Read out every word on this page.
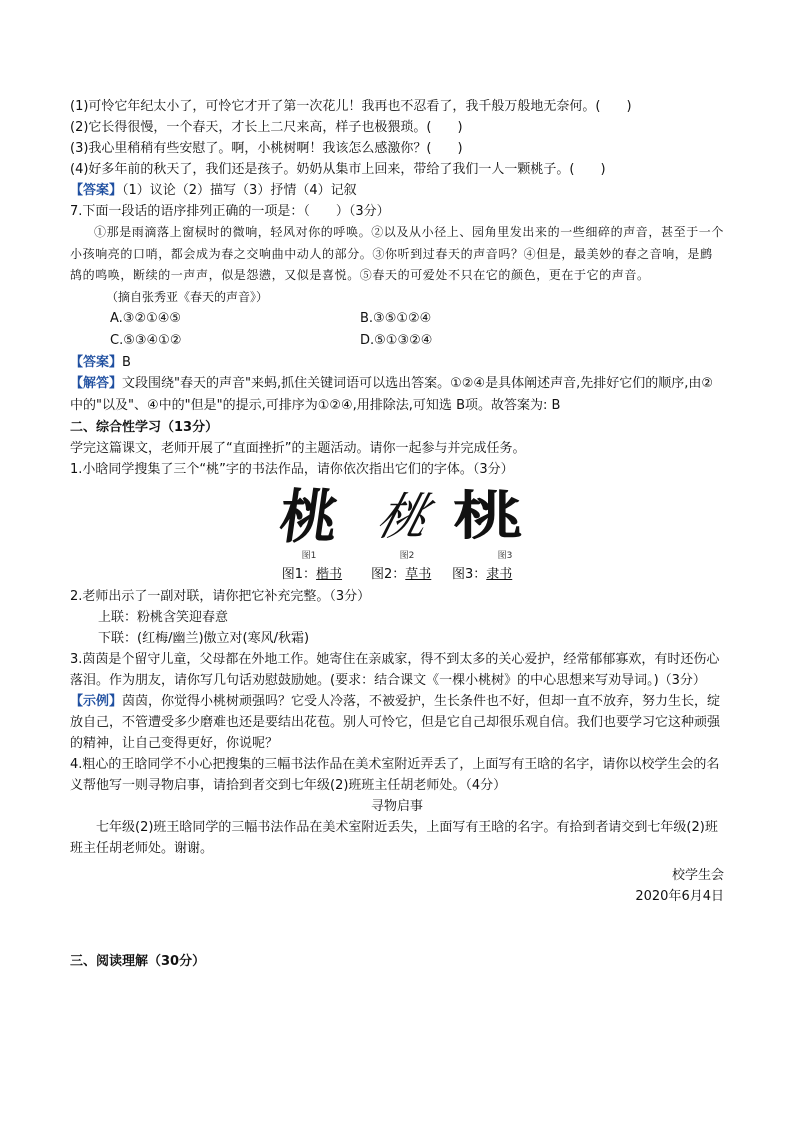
(1)可怜它年纪太小了，可怜它才开了第一次花儿！我再也不忍看了，我千般万般地无奈何。(　　)

(2)它长得很慢，一个春天，才长上二尺来高，样子也极猥琐。(　　)

(3)我心里稍稍有些安慰了。啊，小桃树啊！我该怎么感激你？(　　)

(4)好多年前的秋天了，我们还是孩子。奶奶从集市上回来，带给了我们一人一颗桃子。(　　)

【答案】（1）议论（2）描写（3）抒情（4）记叙

7.下面一段话的语序排列正确的一项是：（　　）（3分）

①那是雨滴落上窗棂时的微响，轻风对你的呼唤。②以及从小径上、园角里发出来的一些细碎的声音，甚至于一个小孩响亮的口哨，都会成为春之交响曲中动人的部分。③你听到过春天的声音吗？④但是，最美妙的春之音响，是鹧鸪的鸣唤，断续的一声声，似是怨懑，又似是喜悦。⑤春天的可爱处不只在它的颜色，更在于它的声音。

（摘自张秀亚《春天的声音》）

A.③②①④⑤	B.③⑤①②④
C.⑤③④①②	D.⑤①③②④

【答案】B

【解答】文段围绕"春天的声音"来蚂,抓住关键词语可以选出答案。①②④是具体阐述声音,先排好它们的顺序,由②中的"以及"、④中的"但是"的提示,可排序为①②④,用排除法,可知选 B项。故答案为: B

二、综合性学习（13分）

学完这篇课文，老师开展了“直面挫折”的主题活动。请你一起参与并完成任务。

1.小晗同学搜集了三个“桃”字的书法作品，请你依次指出它们的字体。（3分）

桃 桃 桃
图1	图2	图3
图1：楷书 图2：草书 图3：隶书

2.老师出示了一副对联，请你把它补充完整。（3分）

上联：粉桃含笑迎春意

下联：(红梅/幽兰)傲立对(寒风/秋霜)

3.茵茵是个留守儿童，父母都在外地工作。她寄住在亲戚家，得不到太多的关心爱护，经常郁郁寡欢，有时还伤心落泪。作为朋友，请你写几句话劝慰鼓励她。(要求：结合课文《一棵小桃树》的中心思想来写劝导词。)（3分）

【示例】茵茵，你觉得小桃树顽强吗？它受人冷落，不被爱护，生长条件也不好，但却一直不放弃，努力生长，绽放自己，不管遭受多少磨难也还是要结出花苞。别人可怜它，但是它自己却很乐观自信。我们也要学习它这种顽强的精神，让自己变得更好，你说呢？

4.粗心的王晗同学不小心把搜集的三幅书法作品在美术室附近弄丢了，上面写有王晗的名字，请你以校学生会的名义帮他写一则寻物启事，请拾到者交到七年级(2)班班主任胡老师处。（4分）

寻物启事

七年级(2)班王晗同学的三幅书法作品在美术室附近丢失，上面写有王晗的名字。有拾到者请交到七年级(2)班班主任胡老师处。谢谢。

校学生会

2020年6月4日

三、阅读理解（30分）
